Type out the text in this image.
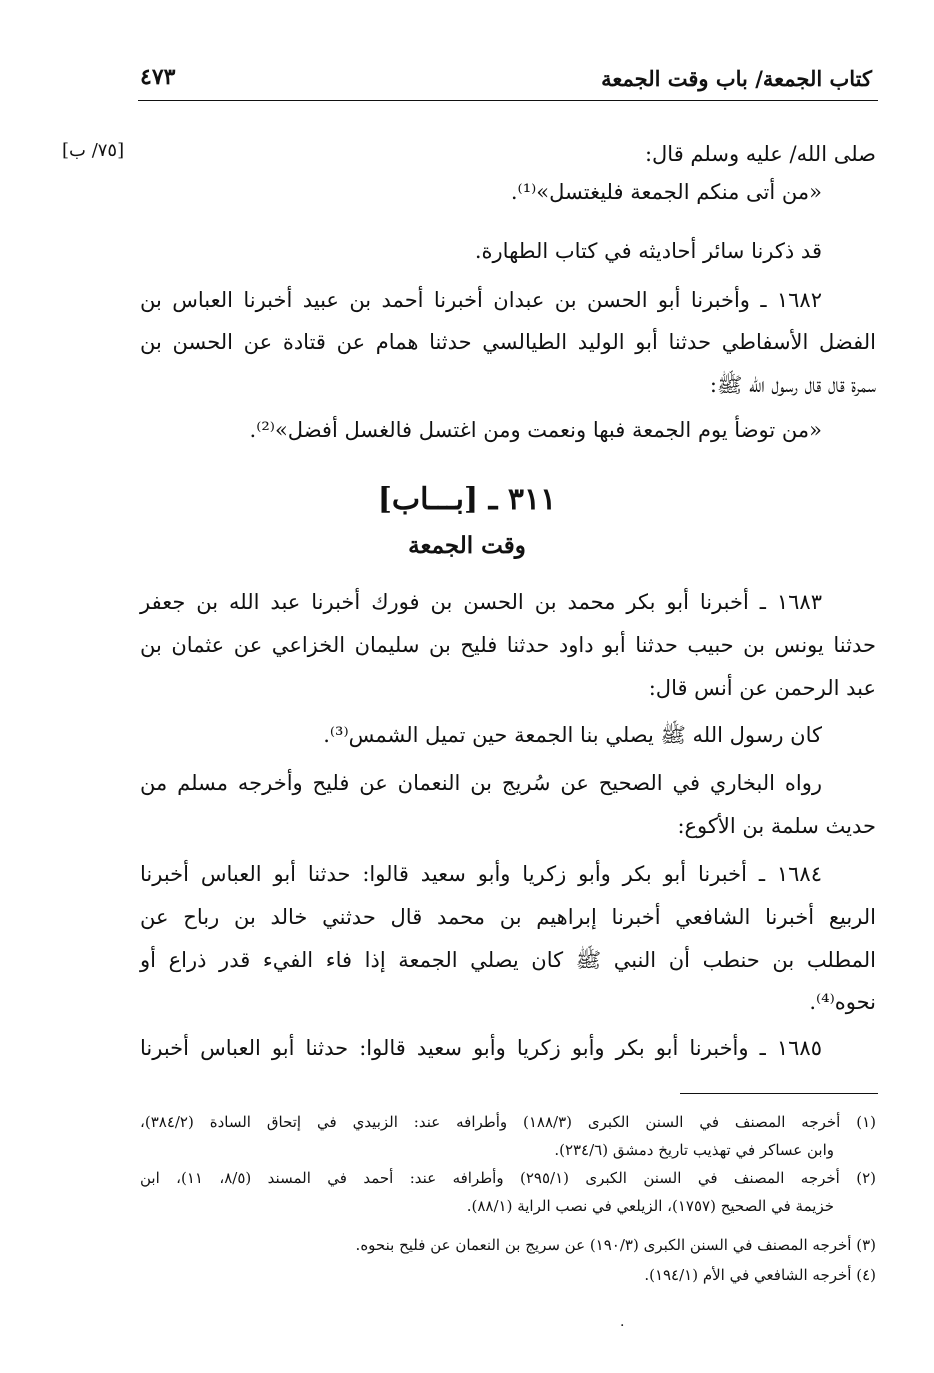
كتاب الجمعة/ باب وقت الجمعة
٤٧٣
[٧٥/ ب]	صلى الله/ عليه وسلم قال:
«من أتى منكم الجمعة فليغتسل»⁽¹⁾.
قد ذكرنا سائر أحاديثه في كتاب الطهارة.
١٦٨٢ ـ وأخبرنا أبو الحسن بن عبدان أخبرنا أحمد بن عبيد أخبرنا العباس بن
الفضل الأسفاطي حدثنا أبو الوليد الطيالسي حدثنا همام عن قتادة عن الحسن بن
سمرة قال قال رسول الله ﷺ:
«من توضأ يوم الجمعة فبها ونعمت ومن اغتسل فالغسل أفضل»⁽²⁾.
٣١١ ـ [بـــاب]
وقت الجمعة
١٦٨٣ ـ أخبرنا أبو بكر محمد بن الحسن بن فورك أخبرنا عبد الله بن جعفر
حدثنا يونس بن حبيب حدثنا أبو داود حدثنا فليح بن سليمان الخزاعي عن عثمان بن
عبد الرحمن عن أنس قال:
كان رسول الله ﷺ يصلي بنا الجمعة حين تميل الشمس⁽³⁾.
رواه البخاري في الصحيح عن سُريج بن النعمان عن فليح وأخرجه مسلم من
حديث سلمة بن الأكوع:
١٦٨٤ ـ أخبرنا أبو بكر وأبو زكريا وأبو سعيد قالوا: حدثنا أبو العباس أخبرنا
الربيع أخبرنا الشافعي أخبرنا إبراهيم بن محمد قال حدثني خالد بن رباح عن
المطلب بن حنطب أن النبي ﷺ كان يصلي الجمعة إذا فاء الفيء قدر ذراع أو
نحوه⁽⁴⁾.
١٦٨٥ ـ وأخبرنا أبو بكر وأبو زكريا وأبو سعيد قالوا: حدثنا أبو العباس أخبرنا
(١) أخرجه المصنف في السنن الكبرى (١٨٨/٣) وأطرافه عند: الزبيدي في إتحاق السادة (٣٨٤/٢)،
وابن عساكر في تهذيب تاريخ دمشق (٢٣٤/٦).
(٢) أخرجه المصنف في السنن الكبرى (٢٩٥/١) وأطرافه عند: أحمد في المسند (٨/٥، ١١)، ابن
خزيمة في الصحيح (١٧٥٧)، الزيلعي في نصب الراية (٨٨/١).
(٣) أخرجه المصنف في السنن الكبرى (١٩٠/٣) عن سريج بن النعمان عن فليح بنحوه.
(٤) أخرجه الشافعي في الأم (١٩٤/١).
·
